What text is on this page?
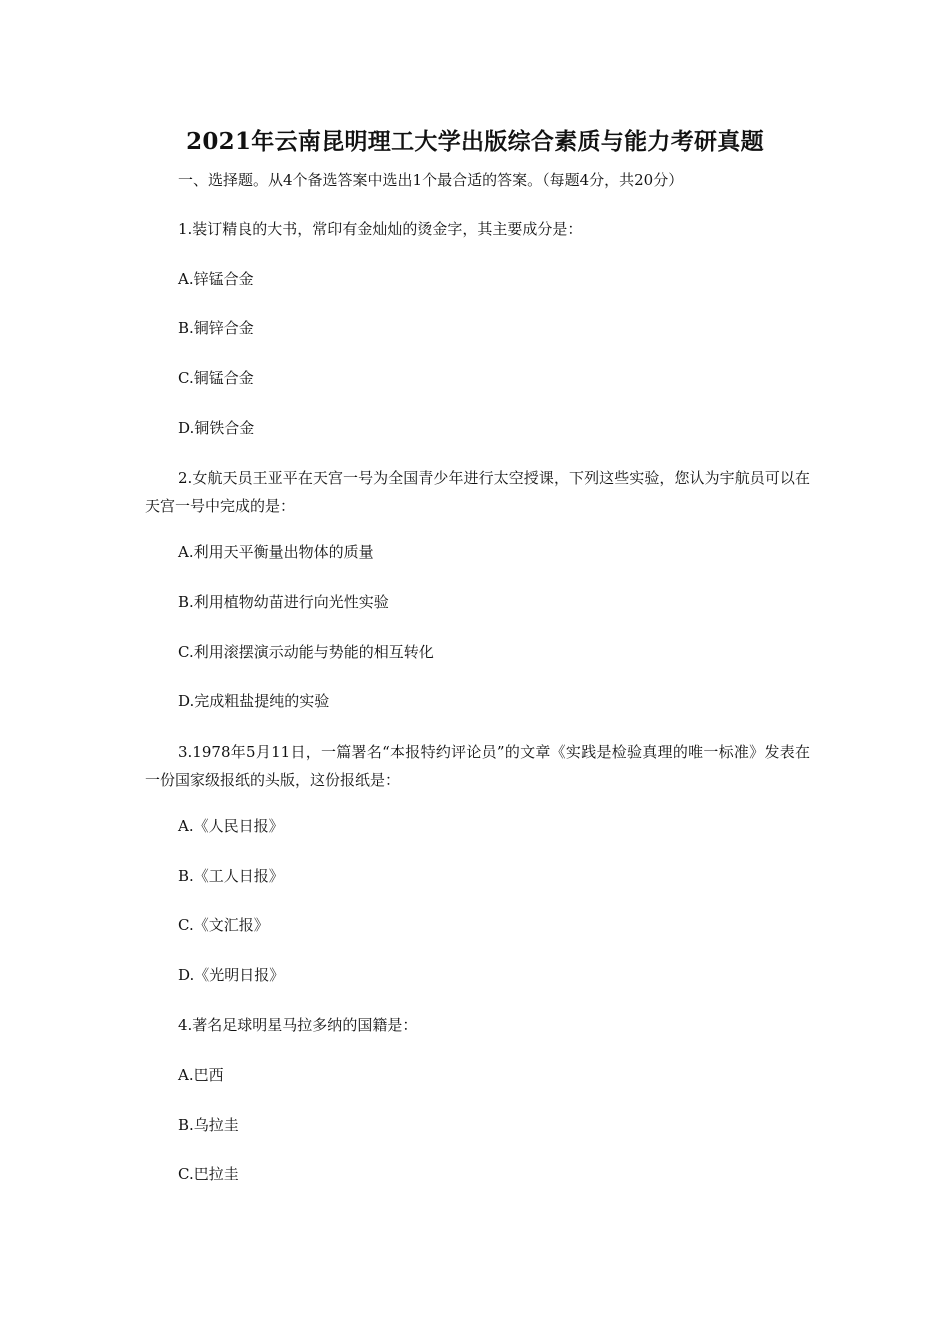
2021年云南昆明理工大学出版综合素质与能力考研真题
一、选择题。从4个备选答案中选出1个最合适的答案。（每题4分，共20分）
1.装订精良的大书，常印有金灿灿的烫金字，其主要成分是：
A.锌锰合金
B.铜锌合金
C.铜锰合金
D.铜铁合金
2.女航天员王亚平在天宫一号为全国青少年进行太空授课，下列这些实验，您认为宇航员可以在天宫一号中完成的是：
A.利用天平衡量出物体的质量
B.利用植物幼苗进行向光性实验
C.利用滚摆演示动能与势能的相互转化
D.完成粗盐提纯的实验
3.1978年5月11日，一篇署名“本报特约评论员”的文章《实践是检验真理的唯一标准》发表在一份国家级报纸的头版，这份报纸是：
A.《人民日报》
B.《工人日报》
C.《文汇报》
D.《光明日报》
4.著名足球明星马拉多纳的国籍是：
A.巴西
B.乌拉圭
C.巴拉圭
